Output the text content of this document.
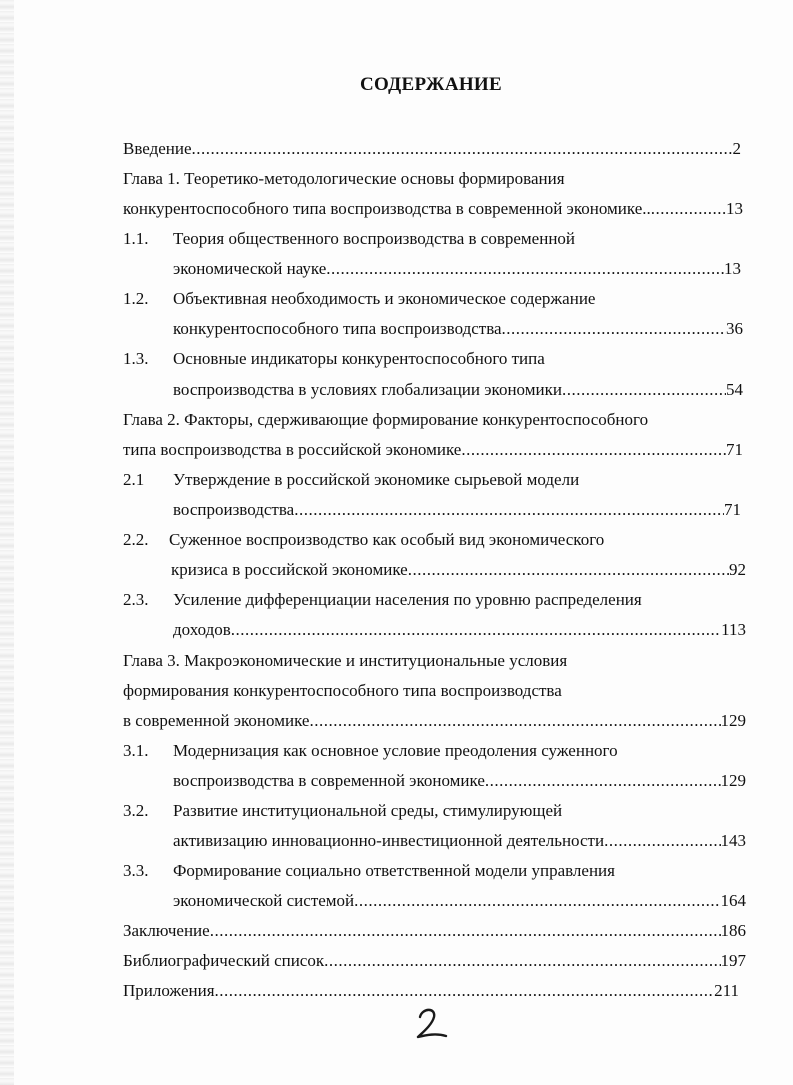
СОДЕРЖАНИЕ
Введение .....	2
Глава 1. Теоретико-методологические основы формирования
конкурентоспособного типа воспроизводства в современной экономике.. .....	13
1.1. Теория общественного воспроизводства в современной
экономической науке .....	13
1.2. Объективная необходимость и экономическое содержание
конкурентоспособного типа воспроизводства .....	36
1.3. Основные индикаторы конкурентоспособного типа
воспроизводства в условиях глобализации экономики .....	54
Глава 2. Факторы, сдерживающие формирование конкурентоспособного
типа воспроизводства в российской экономике .....	71
2.1 Утверждение в российской экономике сырьевой модели
воспроизводства .....	71
2.2. Суженное воспроизводство как особый вид экономического
кризиса в российской экономике .....	92
2.3. Усиление дифференциации населения по уровню распределения
доходов .....	113
Глава 3. Макроэкономические и институциональные условия
формирования конкурентоспособного типа воспроизводства
в современной экономике .....	129
3.1. Модернизация как основное условие преодоления суженного
воспроизводства в современной экономике .....	129
3.2. Развитие институциональной среды, стимулирующей
активизацию инновационно-инвестиционной деятельности .....	143
3.3. Формирование социально ответственной модели управления
экономической системой .....	164
Заключение .....	186
Библиографический список .....	197
Приложения .....	211
